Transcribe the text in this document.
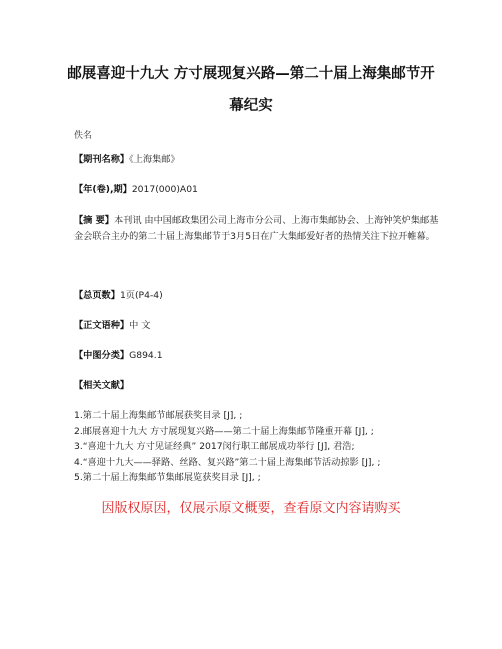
邮展喜迎十九大 方寸展现复兴路—第二十届上海集邮节开幕纪实
佚名
【期刊名称】《上海集邮》
【年(卷),期】2017(000)A01
【摘 要】本刊讯 由中国邮政集团公司上海市分公司、上海市集邮协会、上海钟笑炉集邮基金会联合主办的第二十届上海集邮节于3月5日在广大集邮爱好者的热情关注下拉开帷幕。
【总页数】1页(P4-4)
【正文语种】中 文
【中图分类】G894.1
【相关文献】
1.第二十届上海集邮节邮展获奖目录 [J], ;
2.邮展喜迎十九大 方寸展现复兴路——第二十届上海集邮节隆重开幕 [J], ;
3.“喜迎十九大 方寸见证经典” 2017闵行职工邮展成功举行 [J], 君浩;
4.“喜迎十九大——驿路、丝路、复兴路”第二十届上海集邮节活动掠影 [J], ;
5.第二十届上海集邮节集邮展览获奖目录 [J], ;
因版权原因，仅展示原文概要，查看原文内容请购买
